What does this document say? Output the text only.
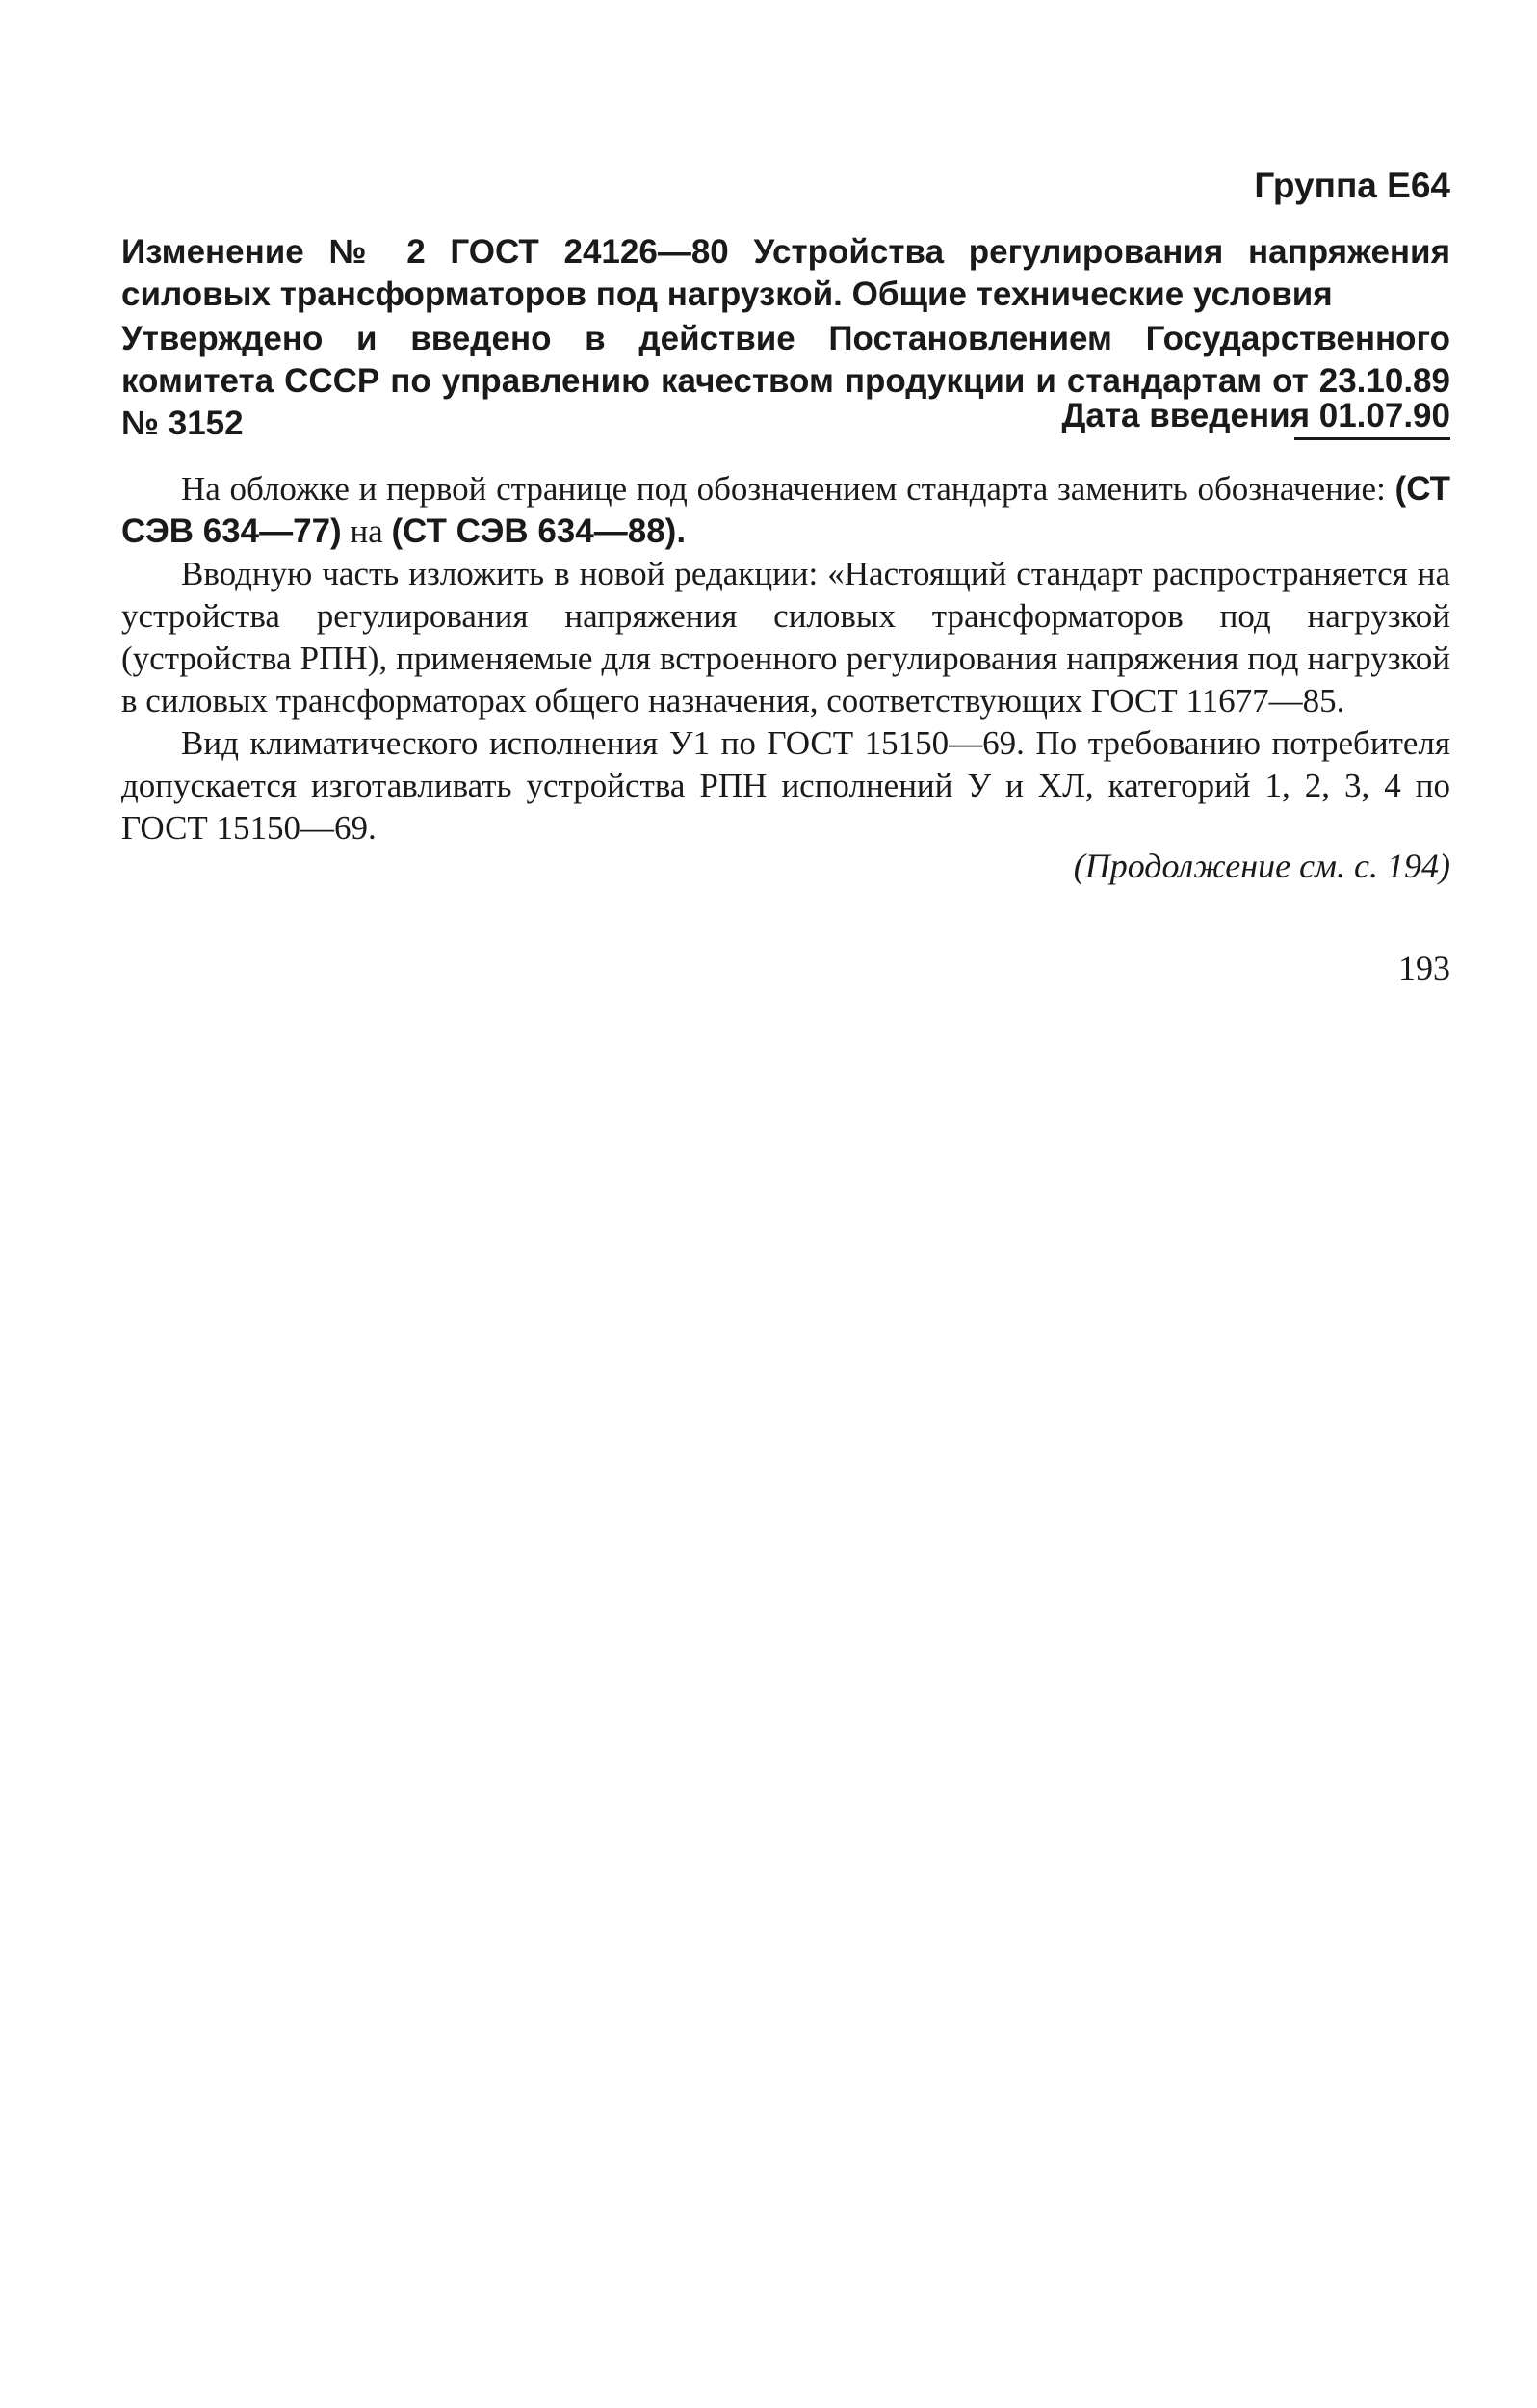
Группа Е64
Изменение № 2 ГОСТ 24126—80 Устройства регулирования напряжения силовых трансформаторов под нагрузкой. Общие технические условия
Утверждено и введено в действие Постановлением Государственного комитета СССР по управлению качеством продукции и стандартам от 23.10.89 № 3152	Дата введения 01.07.90

На обложке и первой странице под обозначением стандарта заменить обозначение: (СТ СЭВ 634—77) на (СТ СЭВ 634—88).

Вводную часть изложить в новой редакции: «Настоящий стандарт распространяется на устройства регулирования напряжения силовых трансформаторов под нагрузкой (устройства РПН), применяемые для встроенного регулирования напряжения под нагрузкой в силовых трансформаторах общего назначения, соответствующих ГОСТ 11677—85.

Вид климатического исполнения У1 по ГОСТ 15150—69. По требованию потребителя допускается изготавливать устройства РПН исполнений У и ХЛ, категорий 1, 2, 3, 4 по ГОСТ 15150—69.

(Продолжение см. с. 194)
193
